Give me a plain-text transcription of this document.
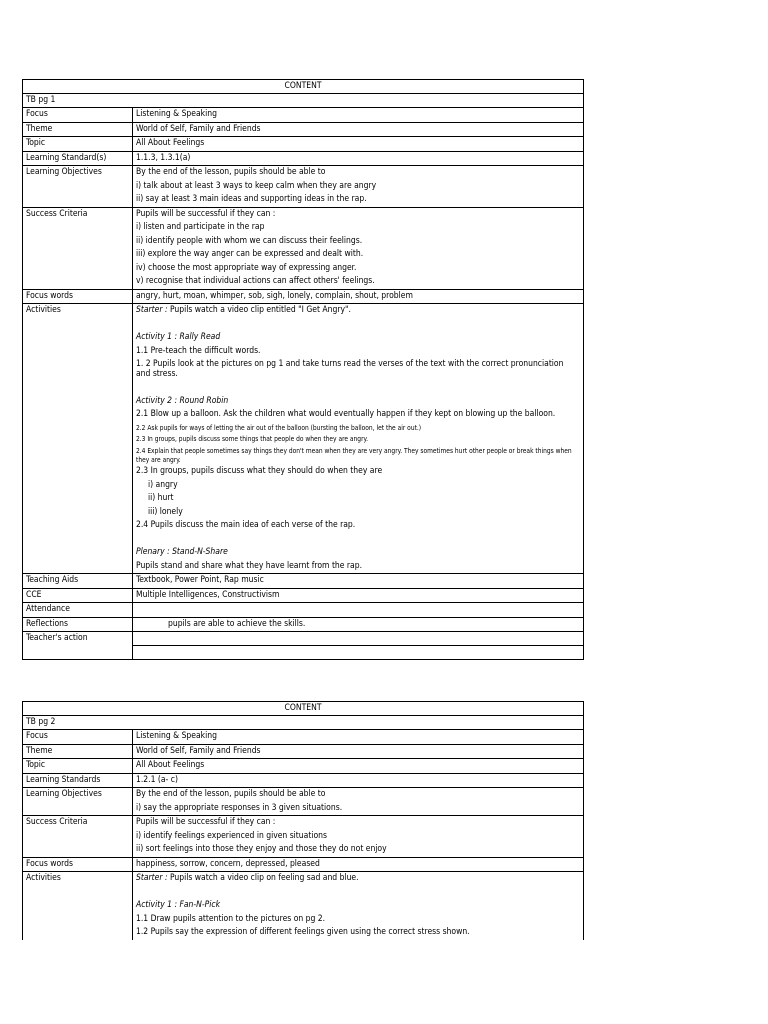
CONTENT
TB pg 1
Focus	Listening & Speaking
Theme	World of Self, Family and Friends
Topic	All About Feelings
Learning Standard(s)	1.1.3, 1.3.1(a)
Learning Objectives	By the end of the lesson, pupils should be able to
i) talk about at least 3 ways to keep calm when they are angry
ii) say at least 3 main ideas and supporting ideas in the rap.
Success Criteria	Pupils will be successful if they can :
i) listen and participate in the rap
ii) identify people with whom we can discuss their feelings.
iii) explore the way anger can be expressed and dealt with.
iv) choose the most appropriate way of expressing anger.
v) recognise that individual actions can affect others' feelings.
Focus words	angry, hurt, moan, whimper, sob, sigh, lonely, complain, shout, problem
Activities	Starter : Pupils watch a video clip entitled "I Get Angry".
Activity 1 : Rally Read
1.1 Pre-teach the difficult words.
1. 2 Pupils look at the pictures on pg 1 and take turns read the verses of the text with the correct pronunciation and stress.
Activity 2 : Round Robin
2.1 Blow up a balloon. Ask the children what would eventually happen if they kept on blowing up the balloon.
2.2 Ask pupils for ways of letting the air out of the balloon (bursting the balloon, let the air out.)
2.3 In groups, pupils discuss some things that people do when they are angry.
2.4 Explain that people sometimes say things they don't mean when they are very angry. They sometimes hurt other people or break things when they are angry.
2.3 In groups, pupils discuss what they should do when they are
i) angry
ii) hurt
iii) lonely
2.4 Pupils discuss the main idea of each verse of the rap.
Plenary : Stand-N-Share
Pupils stand and share what they have learnt from the rap.
Teaching Aids	Textbook, Power Point, Rap music
CCE	Multiple Intelligences, Constructivism
Attendance

Reflections	pupils are able to achieve the skills.
Teacher's action
CONTENT
TB pg 2
Focus	Listening & Speaking
Theme	World of Self, Family and Friends
Topic	All About Feelings
Learning Standards	1.2.1 (a- c)
Learning Objectives	By the end of the lesson, pupils should be able to
i) say the appropriate responses in 3 given situations.
Success Criteria	Pupils will be successful if they can :
i) identify feelings experienced in given situations
ii) sort feelings into those they enjoy and those they do not enjoy
Focus words	happiness, sorrow, concern, depressed, pleased
Activities	Starter : Pupils watch a video clip on feeling sad and blue.
Activity 1 : Fan-N-Pick
1.1 Draw pupils attention to the pictures on pg 2.
1.2 Pupils say the expression of different feelings given using the correct stress shown.
